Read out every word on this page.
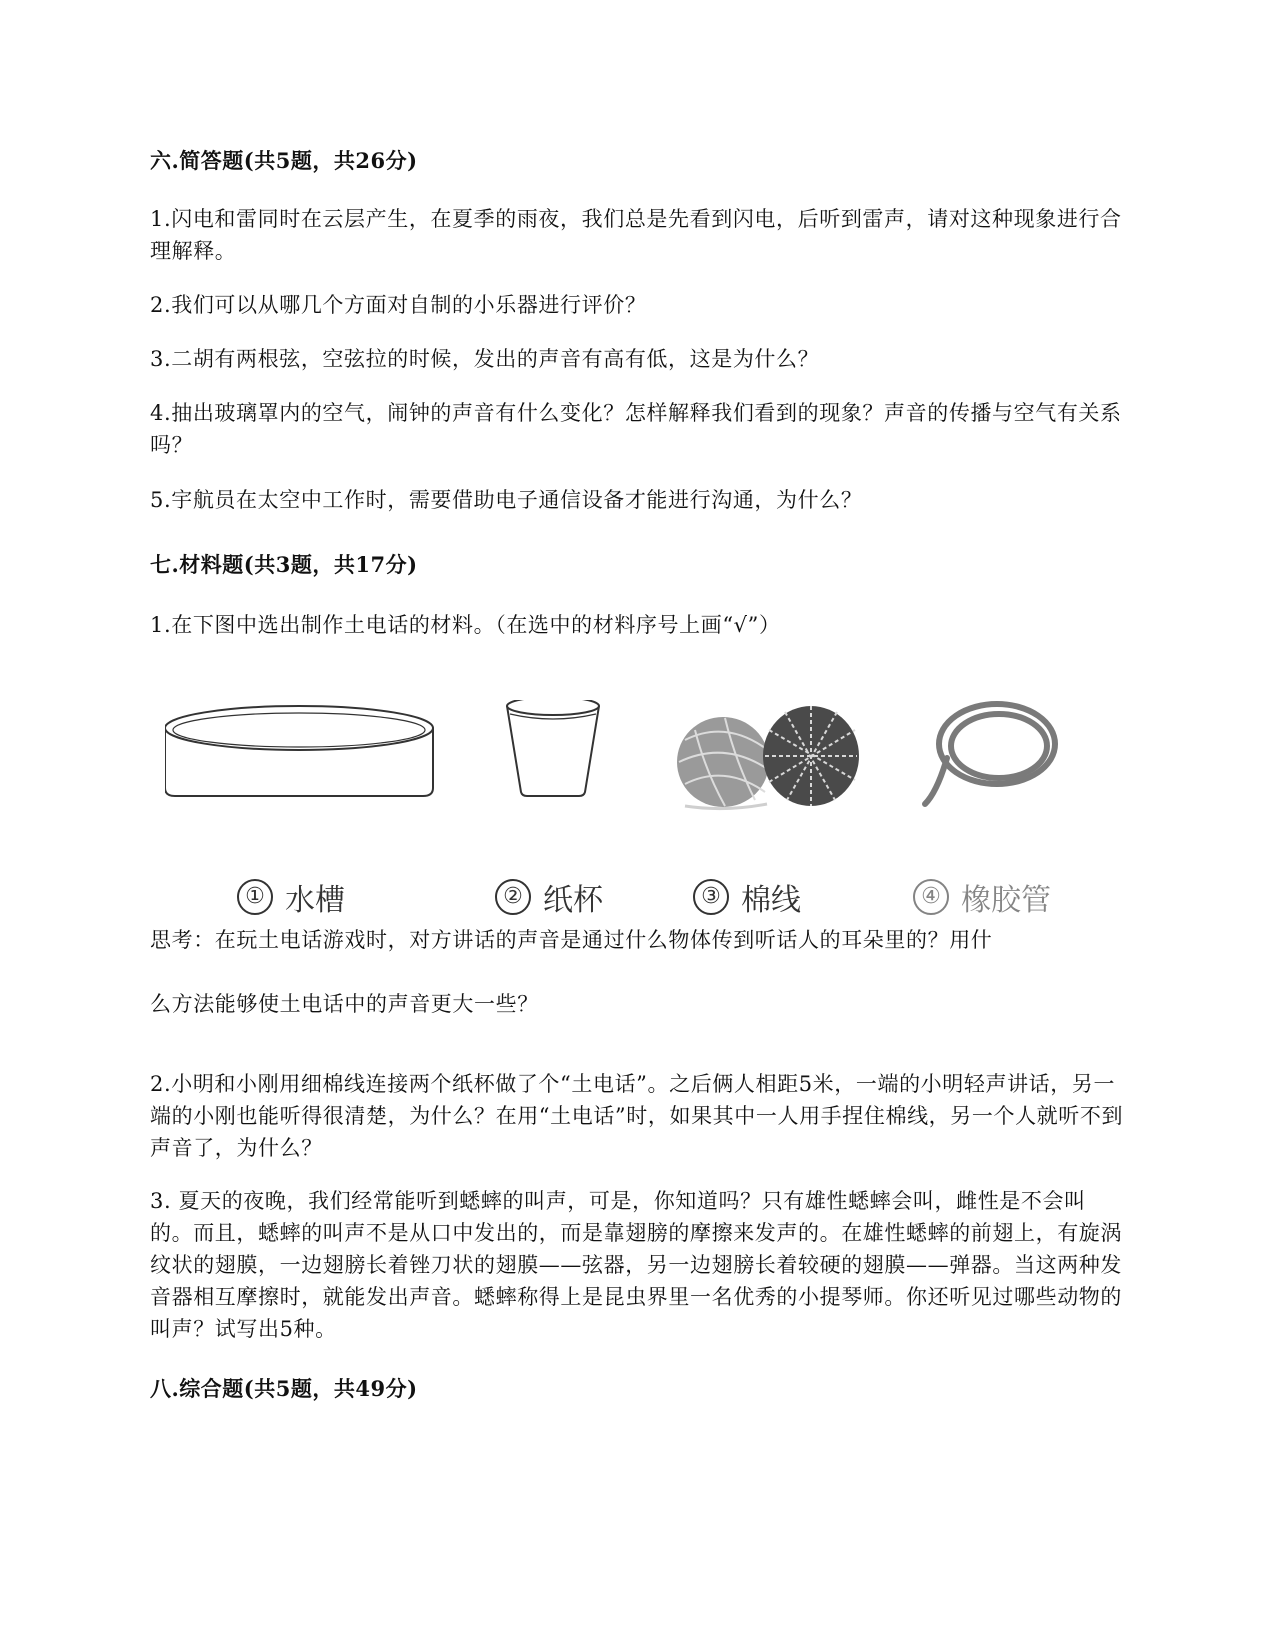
六.简答题(共5题，共26分)

1.闪电和雷同时在云层产生，在夏季的雨夜，我们总是先看到闪电，后听到雷声，请对这种现象进行合理解释。

2.我们可以从哪几个方面对自制的小乐器进行评价？

3.二胡有两根弦，空弦拉的时候，发出的声音有高有低，这是为什么？

4.抽出玻璃罩内的空气，闹钟的声音有什么变化？怎样解释我们看到的现象？声音的传播与空气有关系吗？

5.宇航员在太空中工作时，需要借助电子通信设备才能进行沟通，为什么？

七.材料题(共3题，共17分)

1.在下图中选出制作土电话的材料。（在选中的材料序号上画“√”）

① 水槽	② 纸杯	③ 棉线	④ 橡胶管

思考：在玩土电话游戏时，对方讲话的声音是通过什么物体传到听话人的耳朵里的？用什

么方法能够使土电话中的声音更大一些？

2.小明和小刚用细棉线连接两个纸杯做了个“土电话”。之后俩人相距5米，一端的小明轻声讲话，另一端的小刚也能听得很清楚，为什么？在用“土电话”时，如果其中一人用手捏住棉线，另一个人就听不到声音了，为什么？

3. 夏天的夜晚，我们经常能听到蟋蟀的叫声，可是，你知道吗？只有雄性蟋蟀会叫，雌性是不会叫的。而且，蟋蟀的叫声不是从口中发出的，而是靠翅膀的摩擦来发声的。在雄性蟋蟀的前翅上，有旋涡纹状的翅膜，一边翅膀长着锉刀状的翅膜——弦器，另一边翅膀长着较硬的翅膜——弹器。当这两种发音器相互摩擦时，就能发出声音。蟋蟀称得上是昆虫界里一名优秀的小提琴师。你还听见过哪些动物的叫声？试写出5种。

八.综合题(共5题，共49分)
